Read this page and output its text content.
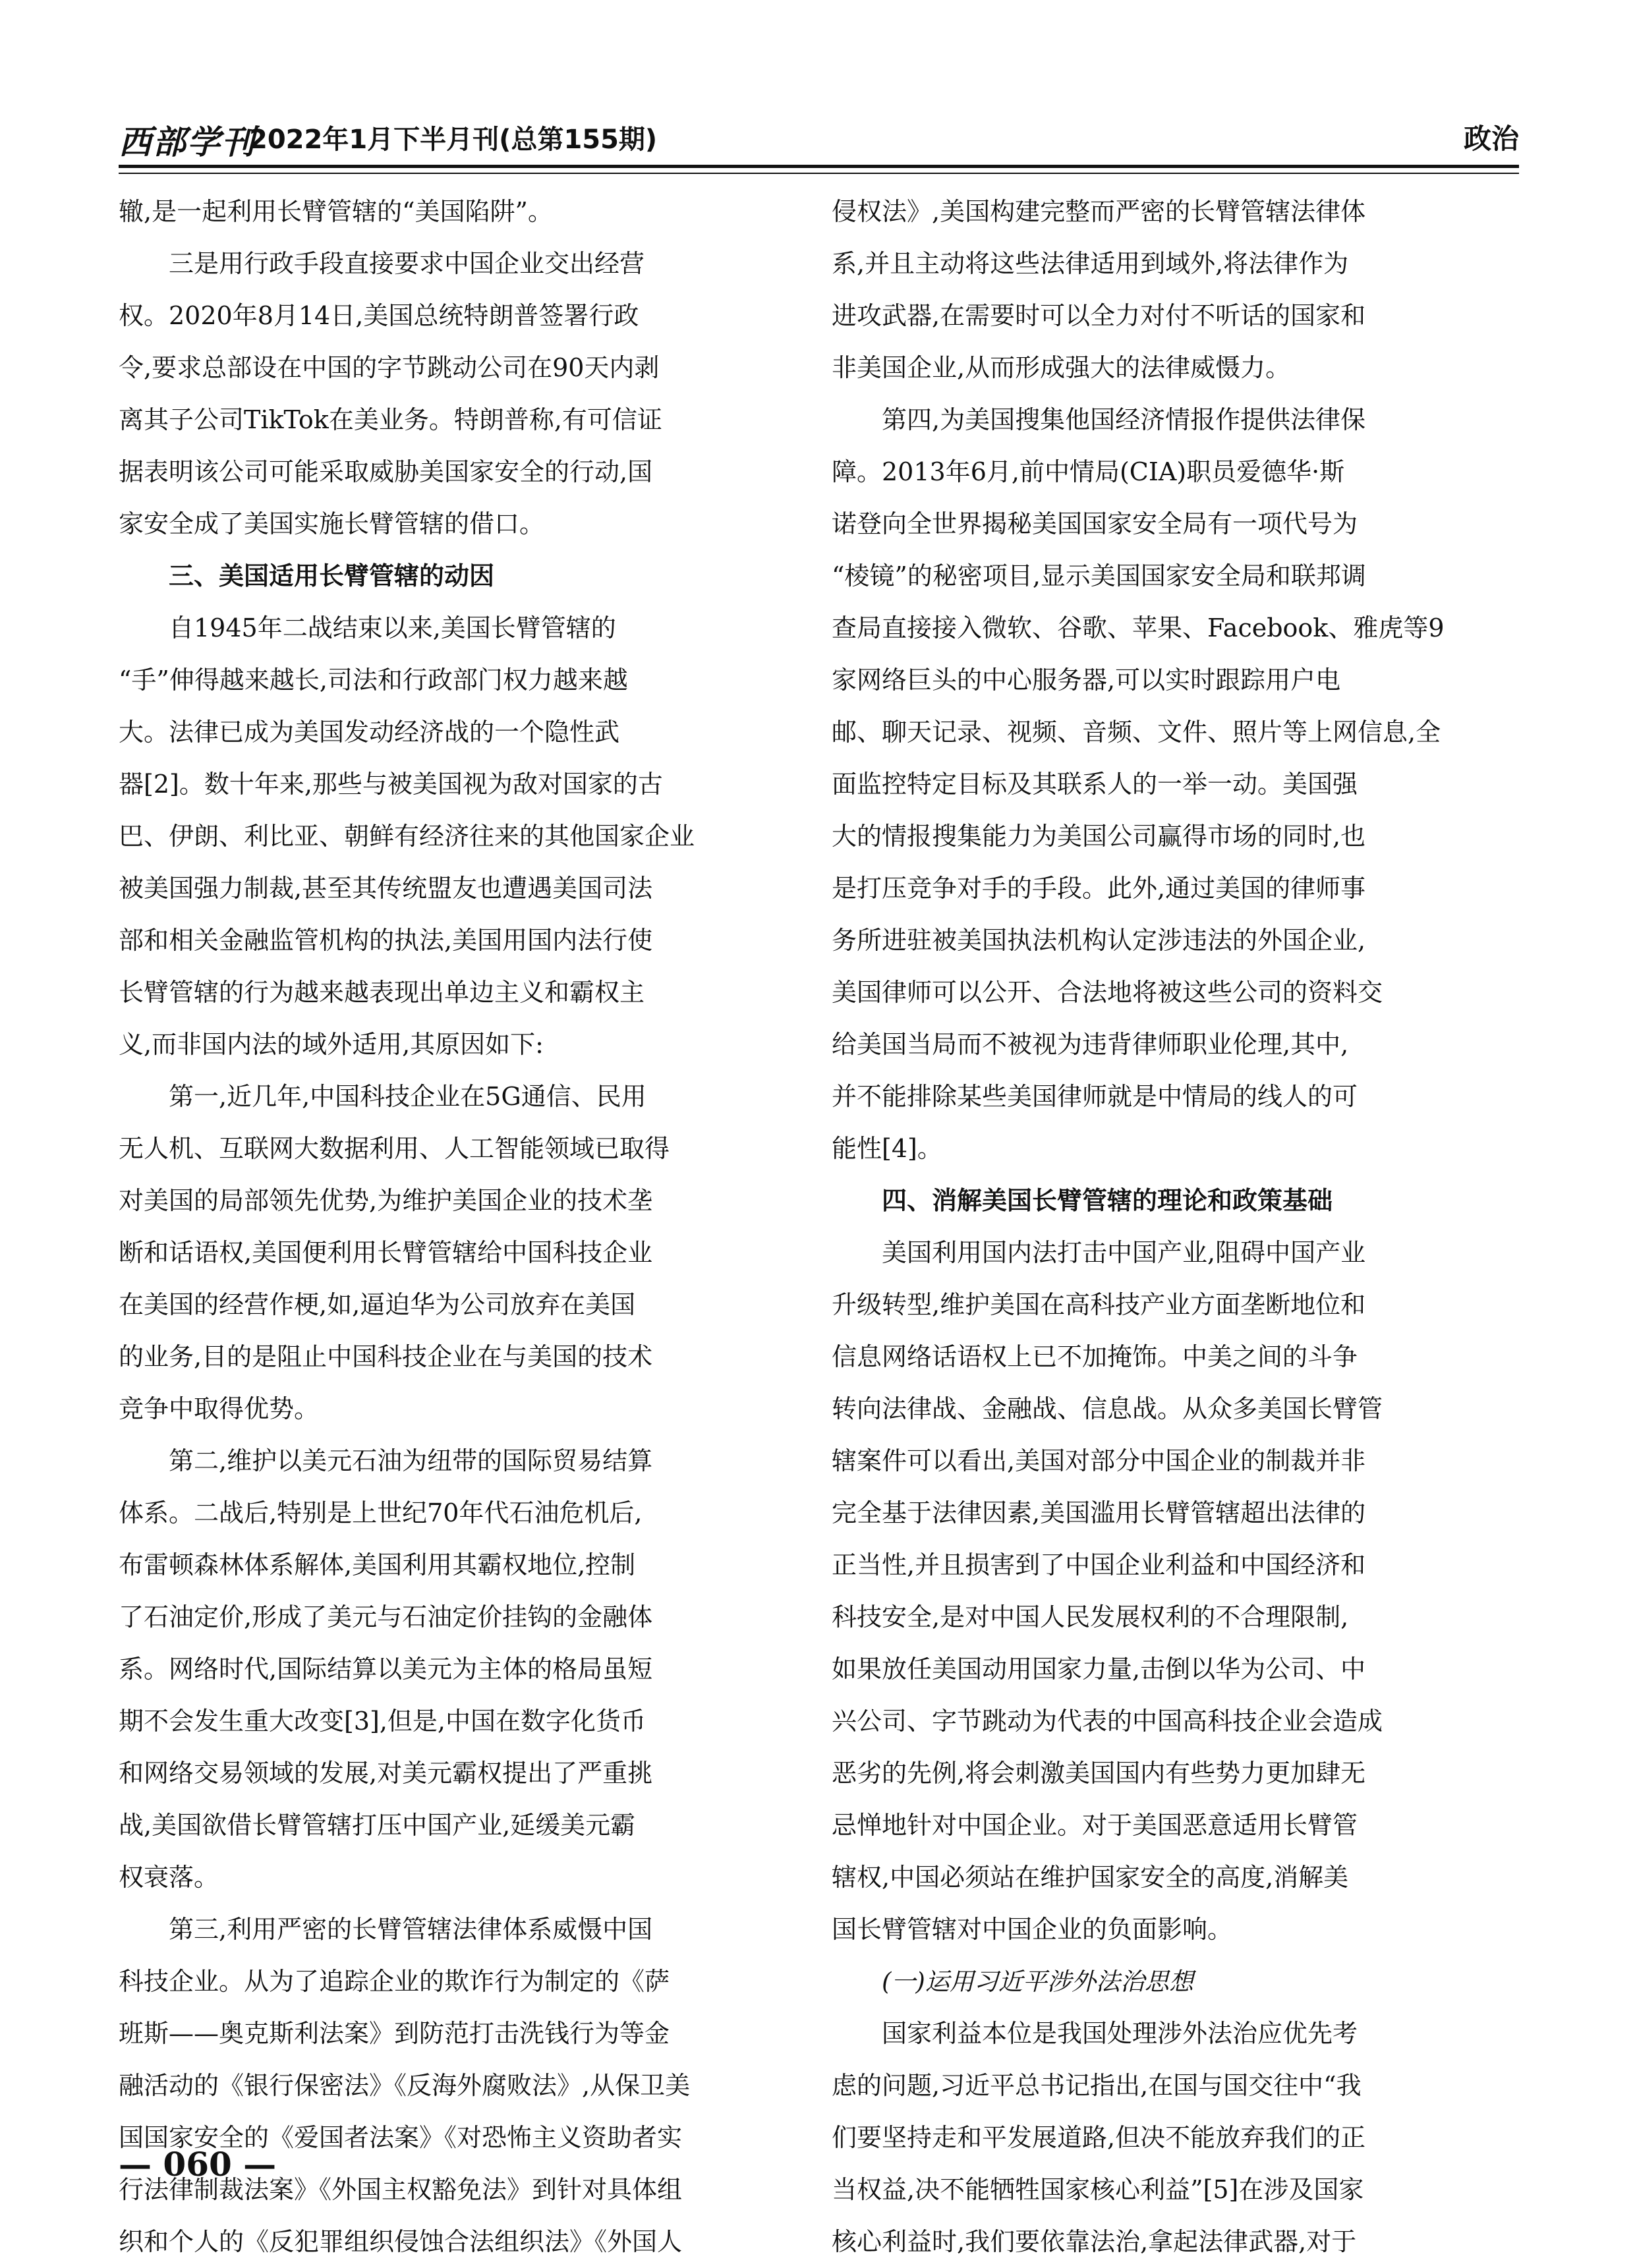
西部学刊
2022年1月下半月刊(总第155期)	政治
辙,是一起利用长臂管辖的“美国陷阱”。
三是用行政手段直接要求中国企业交出经营
权。2020年8月14日,美国总统特朗普签署行政
令,要求总部设在中国的字节跳动公司在90天内剥
离其子公司TikTok在美业务。特朗普称,有可信证
据表明该公司可能采取威胁美国家安全的行动,国
家安全成了美国实施长臂管辖的借口。
三、美国适用长臂管辖的动因
自1945年二战结束以来,美国长臂管辖的
“手”伸得越来越长,司法和行政部门权力越来越
大。法律已成为美国发动经济战的一个隐性武
器[2]。数十年来,那些与被美国视为敌对国家的古
巴、伊朗、利比亚、朝鲜有经济往来的其他国家企业
被美国强力制裁,甚至其传统盟友也遭遇美国司法
部和相关金融监管机构的执法,美国用国内法行使
长臂管辖的行为越来越表现出单边主义和霸权主
义,而非国内法的域外适用,其原因如下:
第一,近几年,中国科技企业在5G通信、民用
无人机、互联网大数据利用、人工智能领域已取得
对美国的局部领先优势,为维护美国企业的技术垄
断和话语权,美国便利用长臂管辖给中国科技企业
在美国的经营作梗,如,逼迫华为公司放弃在美国
的业务,目的是阻止中国科技企业在与美国的技术
竞争中取得优势。
第二,维护以美元石油为纽带的国际贸易结算
体系。二战后,特别是上世纪70年代石油危机后,
布雷顿森林体系解体,美国利用其霸权地位,控制
了石油定价,形成了美元与石油定价挂钩的金融体
系。网络时代,国际结算以美元为主体的格局虽短
期不会发生重大改变[3],但是,中国在数字化货币
和网络交易领域的发展,对美元霸权提出了严重挑
战,美国欲借长臂管辖打压中国产业,延缓美元霸
权衰落。
第三,利用严密的长臂管辖法律体系威慑中国
科技企业。从为了追踪企业的欺诈行为制定的《萨
班斯——奥克斯利法案》到防范打击洗钱行为等金
融活动的《银行保密法》《反海外腐败法》,从保卫美
国国家安全的《爱国者法案》《对恐怖主义资助者实
行法律制裁法案》《外国主权豁免法》到针对具体组
织和个人的《反犯罪组织侵蚀合法组织法》《外国人
侵权法》,美国构建完整而严密的长臂管辖法律体
系,并且主动将这些法律适用到域外,将法律作为
进攻武器,在需要时可以全力对付不听话的国家和
非美国企业,从而形成强大的法律威慑力。
第四,为美国搜集他国经济情报作提供法律保
障。2013年6月,前中情局(CIA)职员爱德华·斯
诺登向全世界揭秘美国国家安全局有一项代号为
“棱镜”的秘密项目,显示美国国家安全局和联邦调
查局直接接入微软、谷歌、苹果、Facebook、雅虎等9
家网络巨头的中心服务器,可以实时跟踪用户电
邮、聊天记录、视频、音频、文件、照片等上网信息,全
面监控特定目标及其联系人的一举一动。美国强
大的情报搜集能力为美国公司赢得市场的同时,也
是打压竞争对手的手段。此外,通过美国的律师事
务所进驻被美国执法机构认定涉违法的外国企业,
美国律师可以公开、合法地将被这些公司的资料交
给美国当局而不被视为违背律师职业伦理,其中,
并不能排除某些美国律师就是中情局的线人的可
能性[4]。
四、消解美国长臂管辖的理论和政策基础
美国利用国内法打击中国产业,阻碍中国产业
升级转型,维护美国在高科技产业方面垄断地位和
信息网络话语权上已不加掩饰。中美之间的斗争
转向法律战、金融战、信息战。从众多美国长臂管
辖案件可以看出,美国对部分中国企业的制裁并非
完全基于法律因素,美国滥用长臂管辖超出法律的
正当性,并且损害到了中国企业利益和中国经济和
科技安全,是对中国人民发展权利的不合理限制,
如果放任美国动用国家力量,击倒以华为公司、中
兴公司、字节跳动为代表的中国高科技企业会造成
恶劣的先例,将会刺激美国国内有些势力更加肆无
忌惮地针对中国企业。对于美国恶意适用长臂管
辖权,中国必须站在维护国家安全的高度,消解美
国长臂管辖对中国企业的负面影响。
(一)运用习近平涉外法治思想
国家利益本位是我国处理涉外法治应优先考
虑的问题,习近平总书记指出,在国与国交往中“我
们要坚持走和平发展道路,但决不能放弃我们的正
当权益,决不能牺牲国家核心利益”[5]在涉及国家
核心利益时,我们要依靠法治,拿起法律武器,对于
— 060 —
